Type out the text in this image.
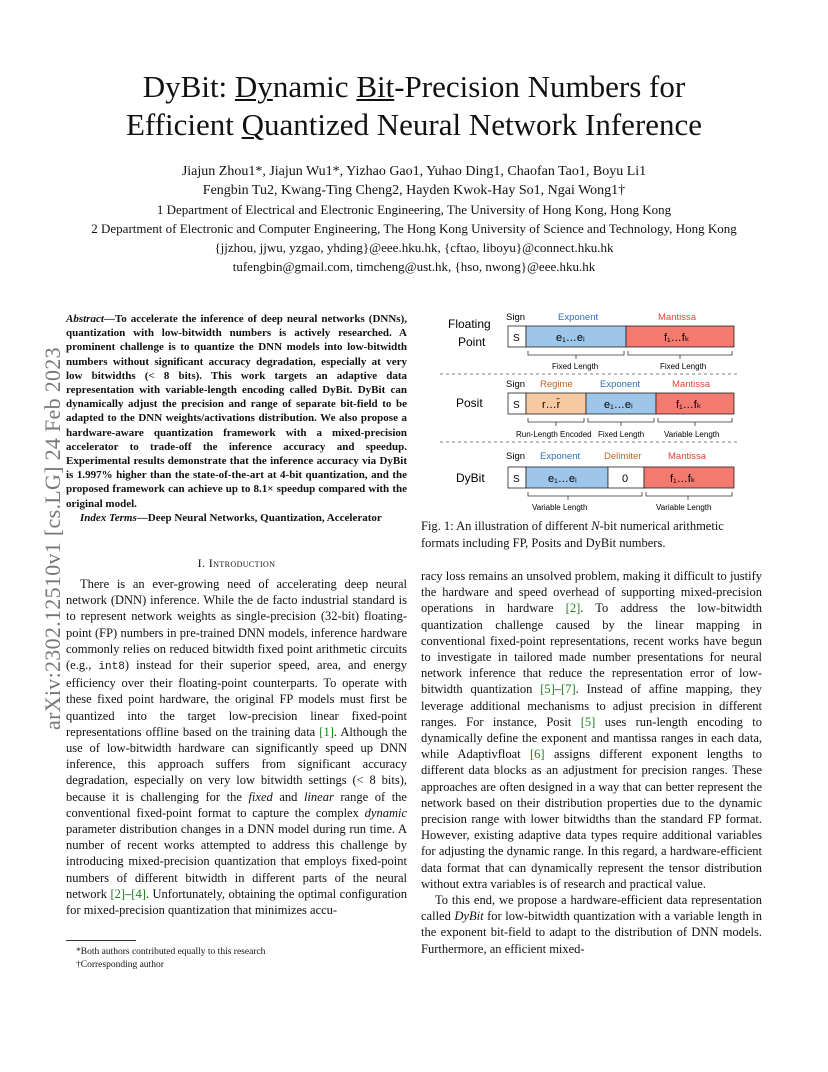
DyBit: Dynamic Bit-Precision Numbers for
Efficient Quantized Neural Network Inference
Jiajun Zhou1*, Jiajun Wu1*, Yizhao Gao1, Yuhao Ding1, Chaofan Tao1, Boyu Li1
Fengbin Tu2, Kwang-Ting Cheng2, Hayden Kwok-Hay So1, Ngai Wong1†
1 Department of Electrical and Electronic Engineering, The University of Hong Kong, Hong Kong
2 Department of Electronic and Computer Engineering, The Hong Kong University of Science and Technology, Hong Kong
{jjzhou, jjwu, yzgao, yhding}@eee.hku.hk, {cftao, liboyu}@connect.hku.hk
tufengbin@gmail.com, timcheng@ust.hk, {hso, nwong}@eee.hku.hk
arXiv:2302.12510v1 [cs.LG] 24 Feb 2023
Abstract—To accelerate the inference of deep neural networks (DNNs), quantization with low-bitwidth numbers is actively researched. A prominent challenge is to quantize the DNN models into low-bitwidth numbers without significant accuracy degradation, especially at very low bitwidths (< 8 bits). This work targets an adaptive data representation with variable-length encoding called DyBit. DyBit can dynamically adjust the precision and range of separate bit-field to be adapted to the DNN weights/activations distribution. We also propose a hardware-aware quantization framework with a mixed-precision accelerator to trade-off the inference accuracy and speedup. Experimental results demonstrate that the inference accuracy via DyBit is 1.997% higher than the state-of-the-art at 4-bit quantization, and the proposed framework can achieve up to 8.1× speedup compared with the original model.
Index Terms—Deep Neural Networks, Quantization, Accelerator
I. Introduction

There is an ever-growing need of accelerating deep neural network (DNN) inference. While the de facto industrial standard is to represent network weights as single-precision (32-bit) floating-point (FP) numbers in pre-trained DNN models, inference hardware commonly relies on reduced bitwidth fixed point arithmetic circuits (e.g., int8) instead for their superior speed, area, and energy efficiency over their floating-point counterparts. To operate with these fixed point hardware, the original FP models must first be quantized into the target low-precision linear fixed-point representations offline based on the training data [1]. Although the use of low-bitwidth hardware can significantly speed up DNN inference, this approach suffers from significant accuracy degradation, especially on very low bitwidth settings (< 8 bits), because it is challenging for the fixed and linear range of the conventional fixed-point format to capture the complex dynamic parameter distribution changes in a DNN model during run time. A number of recent works attempted to address this challenge by introducing mixed-precision quantization that employs fixed-point numbers of different bitwidth in different parts of the neural network [2]–[4]. Unfortunately, obtaining the optimal configuration for mixed-precision quantization that minimizes accu-

*Both authors contributed equally to this research
†Corresponding author
Floating
Point
Sign	Exponent	Mantissa
S	e₁…eᵢ	f₁…fₖ
Fixed Length	Fixed Length
Posit
Sign Regime	Exponent	Mantissa
S r…r̄	e₁…eᵢ	f₁…fₖ
Run-Length Encoded Fixed Length Variable Length
DyBit
Sign Exponent	Delimiter	Mantissa
S	e₁…eᵢ	0	f₁…fₖ
Variable Length	Variable Length
Fig. 1: An illustration of different N-bit numerical arithmetic formats including FP, Posits and DyBit numbers.

racy loss remains an unsolved problem, making it difficult to justify the hardware and speed overhead of supporting mixed-precision operations in hardware [2]. To address the low-bitwidth quantization challenge caused by the linear mapping in conventional fixed-point representations, recent works have begun to investigate in tailored made number presentations for neural network inference that reduce the representation error of low-bitwidth quantization [5]–[7]. Instead of affine mapping, they leverage additional mechanisms to adjust precision in different ranges. For instance, Posit [5] uses run-length encoding to dynamically define the exponent and mantissa ranges in each data, while Adaptivfloat [6] assigns different exponent lengths to different data blocks as an adjustment for precision ranges. These approaches are often designed in a way that can better represent the network based on their distribution properties due to the dynamic precision range with lower bitwidths than the standard FP format. However, existing adaptive data types require additional variables for adjusting the dynamic range. In this regard, a hardware-efficient data format that can dynamically represent the tensor distribution without extra variables is of research and practical value.

To this end, we propose a hardware-efficient data representation called DyBit for low-bitwidth quantization with a variable length in the exponent bit-field to adapt to the distribution of DNN models. Furthermore, an efficient mixed-
